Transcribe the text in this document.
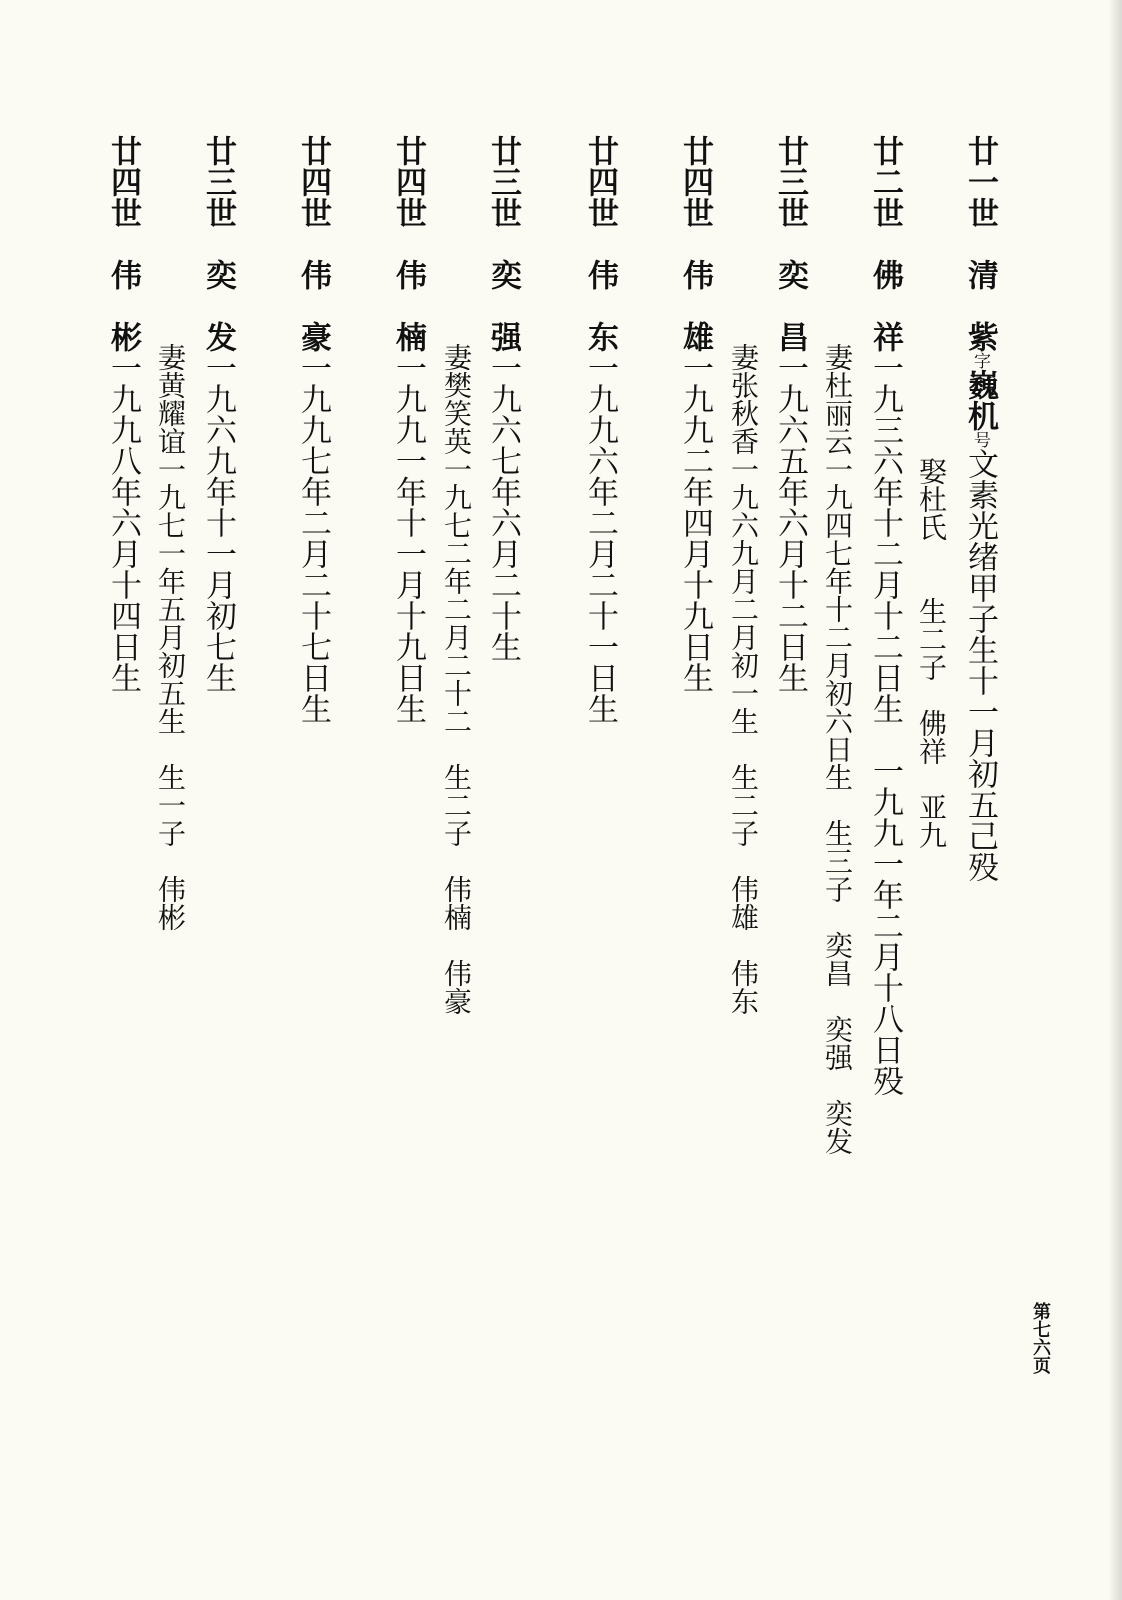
廿一世清紫字巍机号文素光绪甲子生十一月初五己殁
娶杜氏　　生二子　佛祥　亚九
廿二世佛祥一九三六年十二月十二日生　一九九一年二月十八日殁
妻杜丽云一九四七年十二月初六日生　生三子　奕昌　奕强　奕发
廿三世奕昌一九六五年六月十二日生
妻张秋香一九六九月二月初一生　生二子　伟雄　伟东
廿四世伟雄一九九二年四月十九日生
廿四世伟东一九九六年二月二十一日生
廿三世奕强一九六七年六月二十生
妻樊笑英一九七二年二月二十二　生二子　伟楠　伟豪
廿四世伟楠一九九一年十一月十九日生
廿四世伟豪一九九七年二月二十七日生
廿三世奕发一九六九年十一月初七生
妻黄耀谊一九七一年五月初五生　生一子　伟彬
廿四世伟彬一九九八年六月十四日生
第七六页
